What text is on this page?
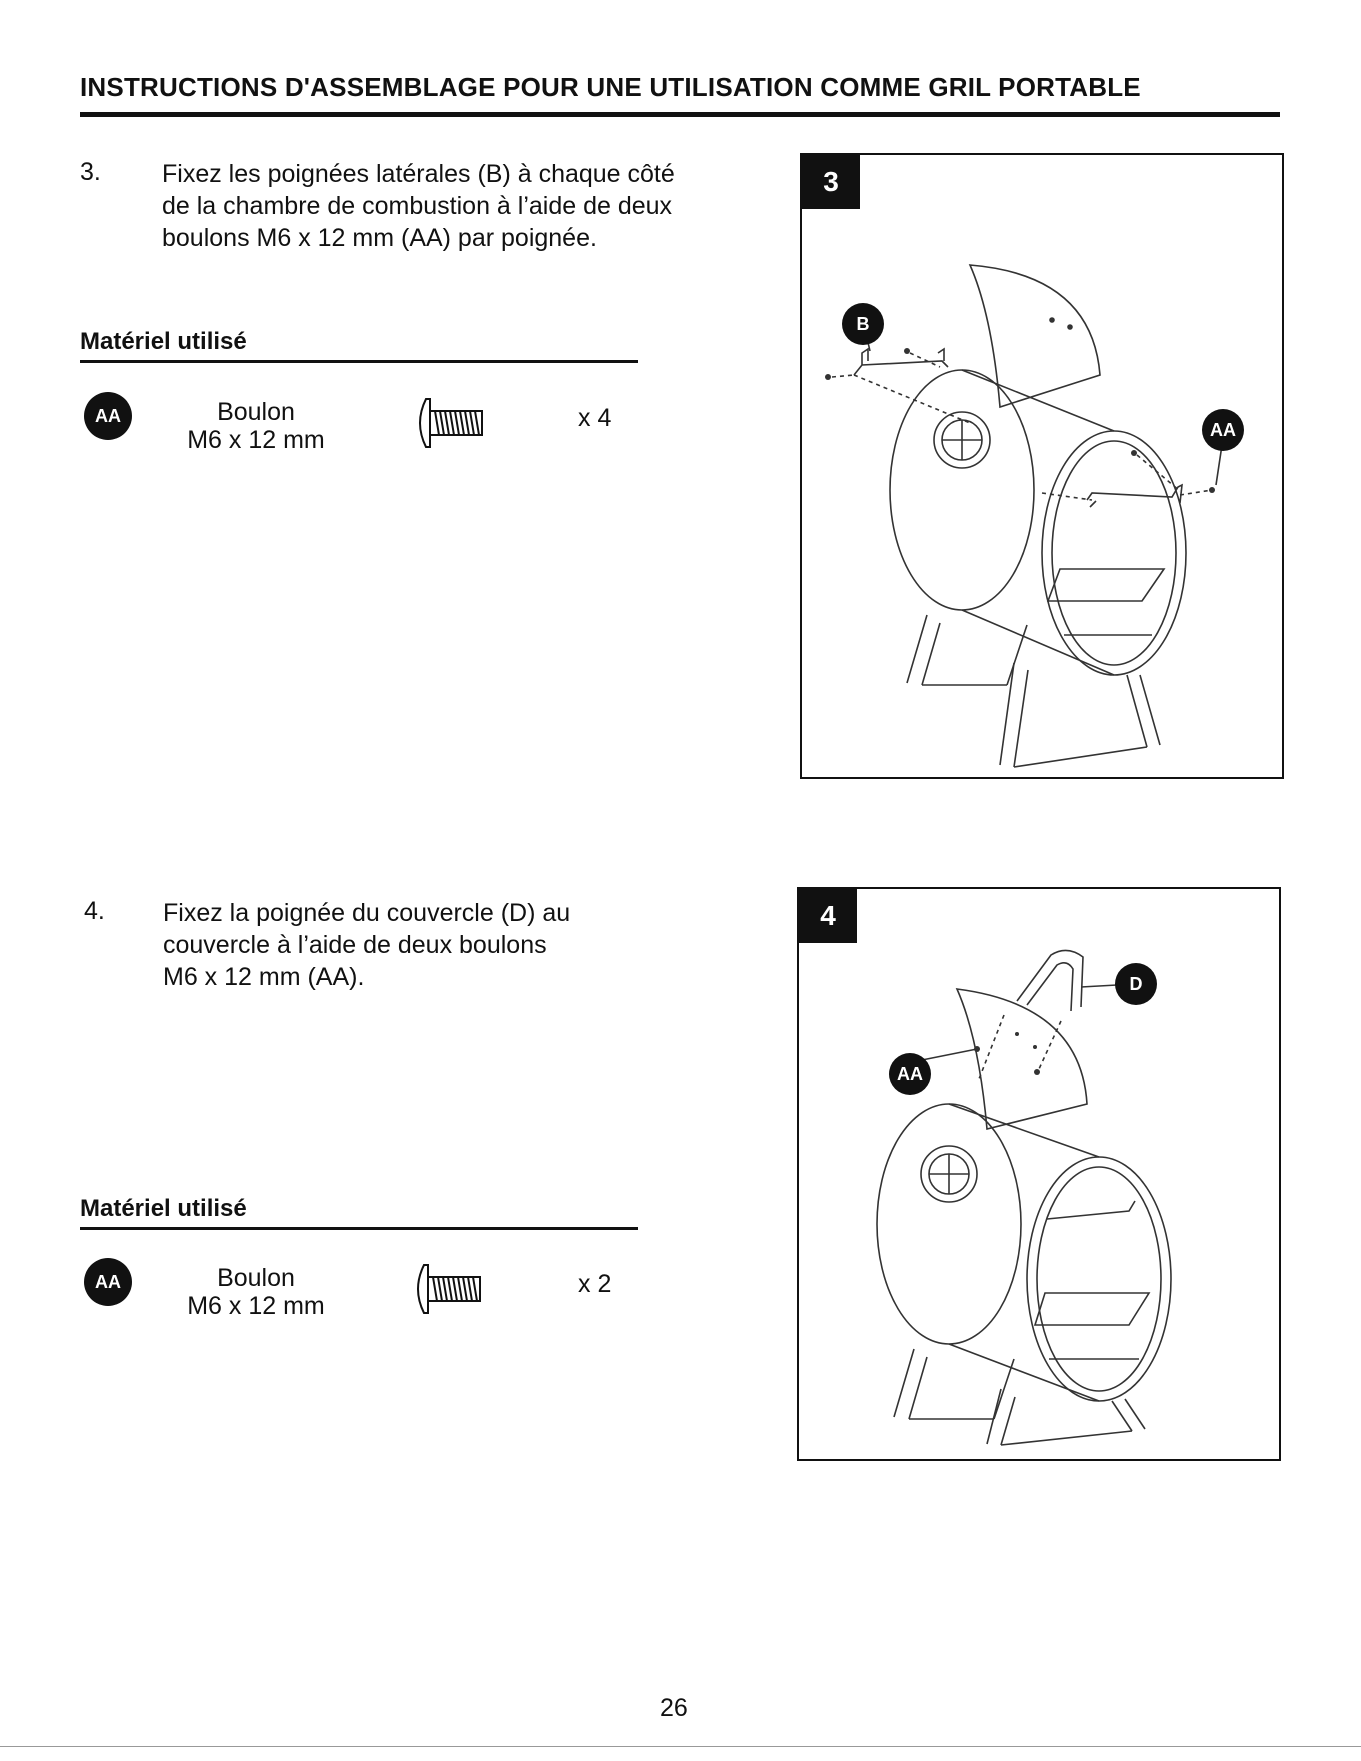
INSTRUCTIONS D'ASSEMBLAGE POUR UNE UTILISATION COMME GRIL PORTABLE
3. Fixez les poignées latérales (B) à chaque côté
de la chambre de combustion à l’aide de deux
boulons M6 x 12 mm (AA) par poignée.
Matériel utilisé
AA	Boulon
M6 x 12 mm
x 4
3
B
AA
4. Fixez la poignée du couvercle (D) au
couvercle à l’aide de deux boulons
M6 x 12 mm (AA).
Matériel utilisé
AA	Boulon
M6 x 12 mm
x 2
4
D
AA
26
